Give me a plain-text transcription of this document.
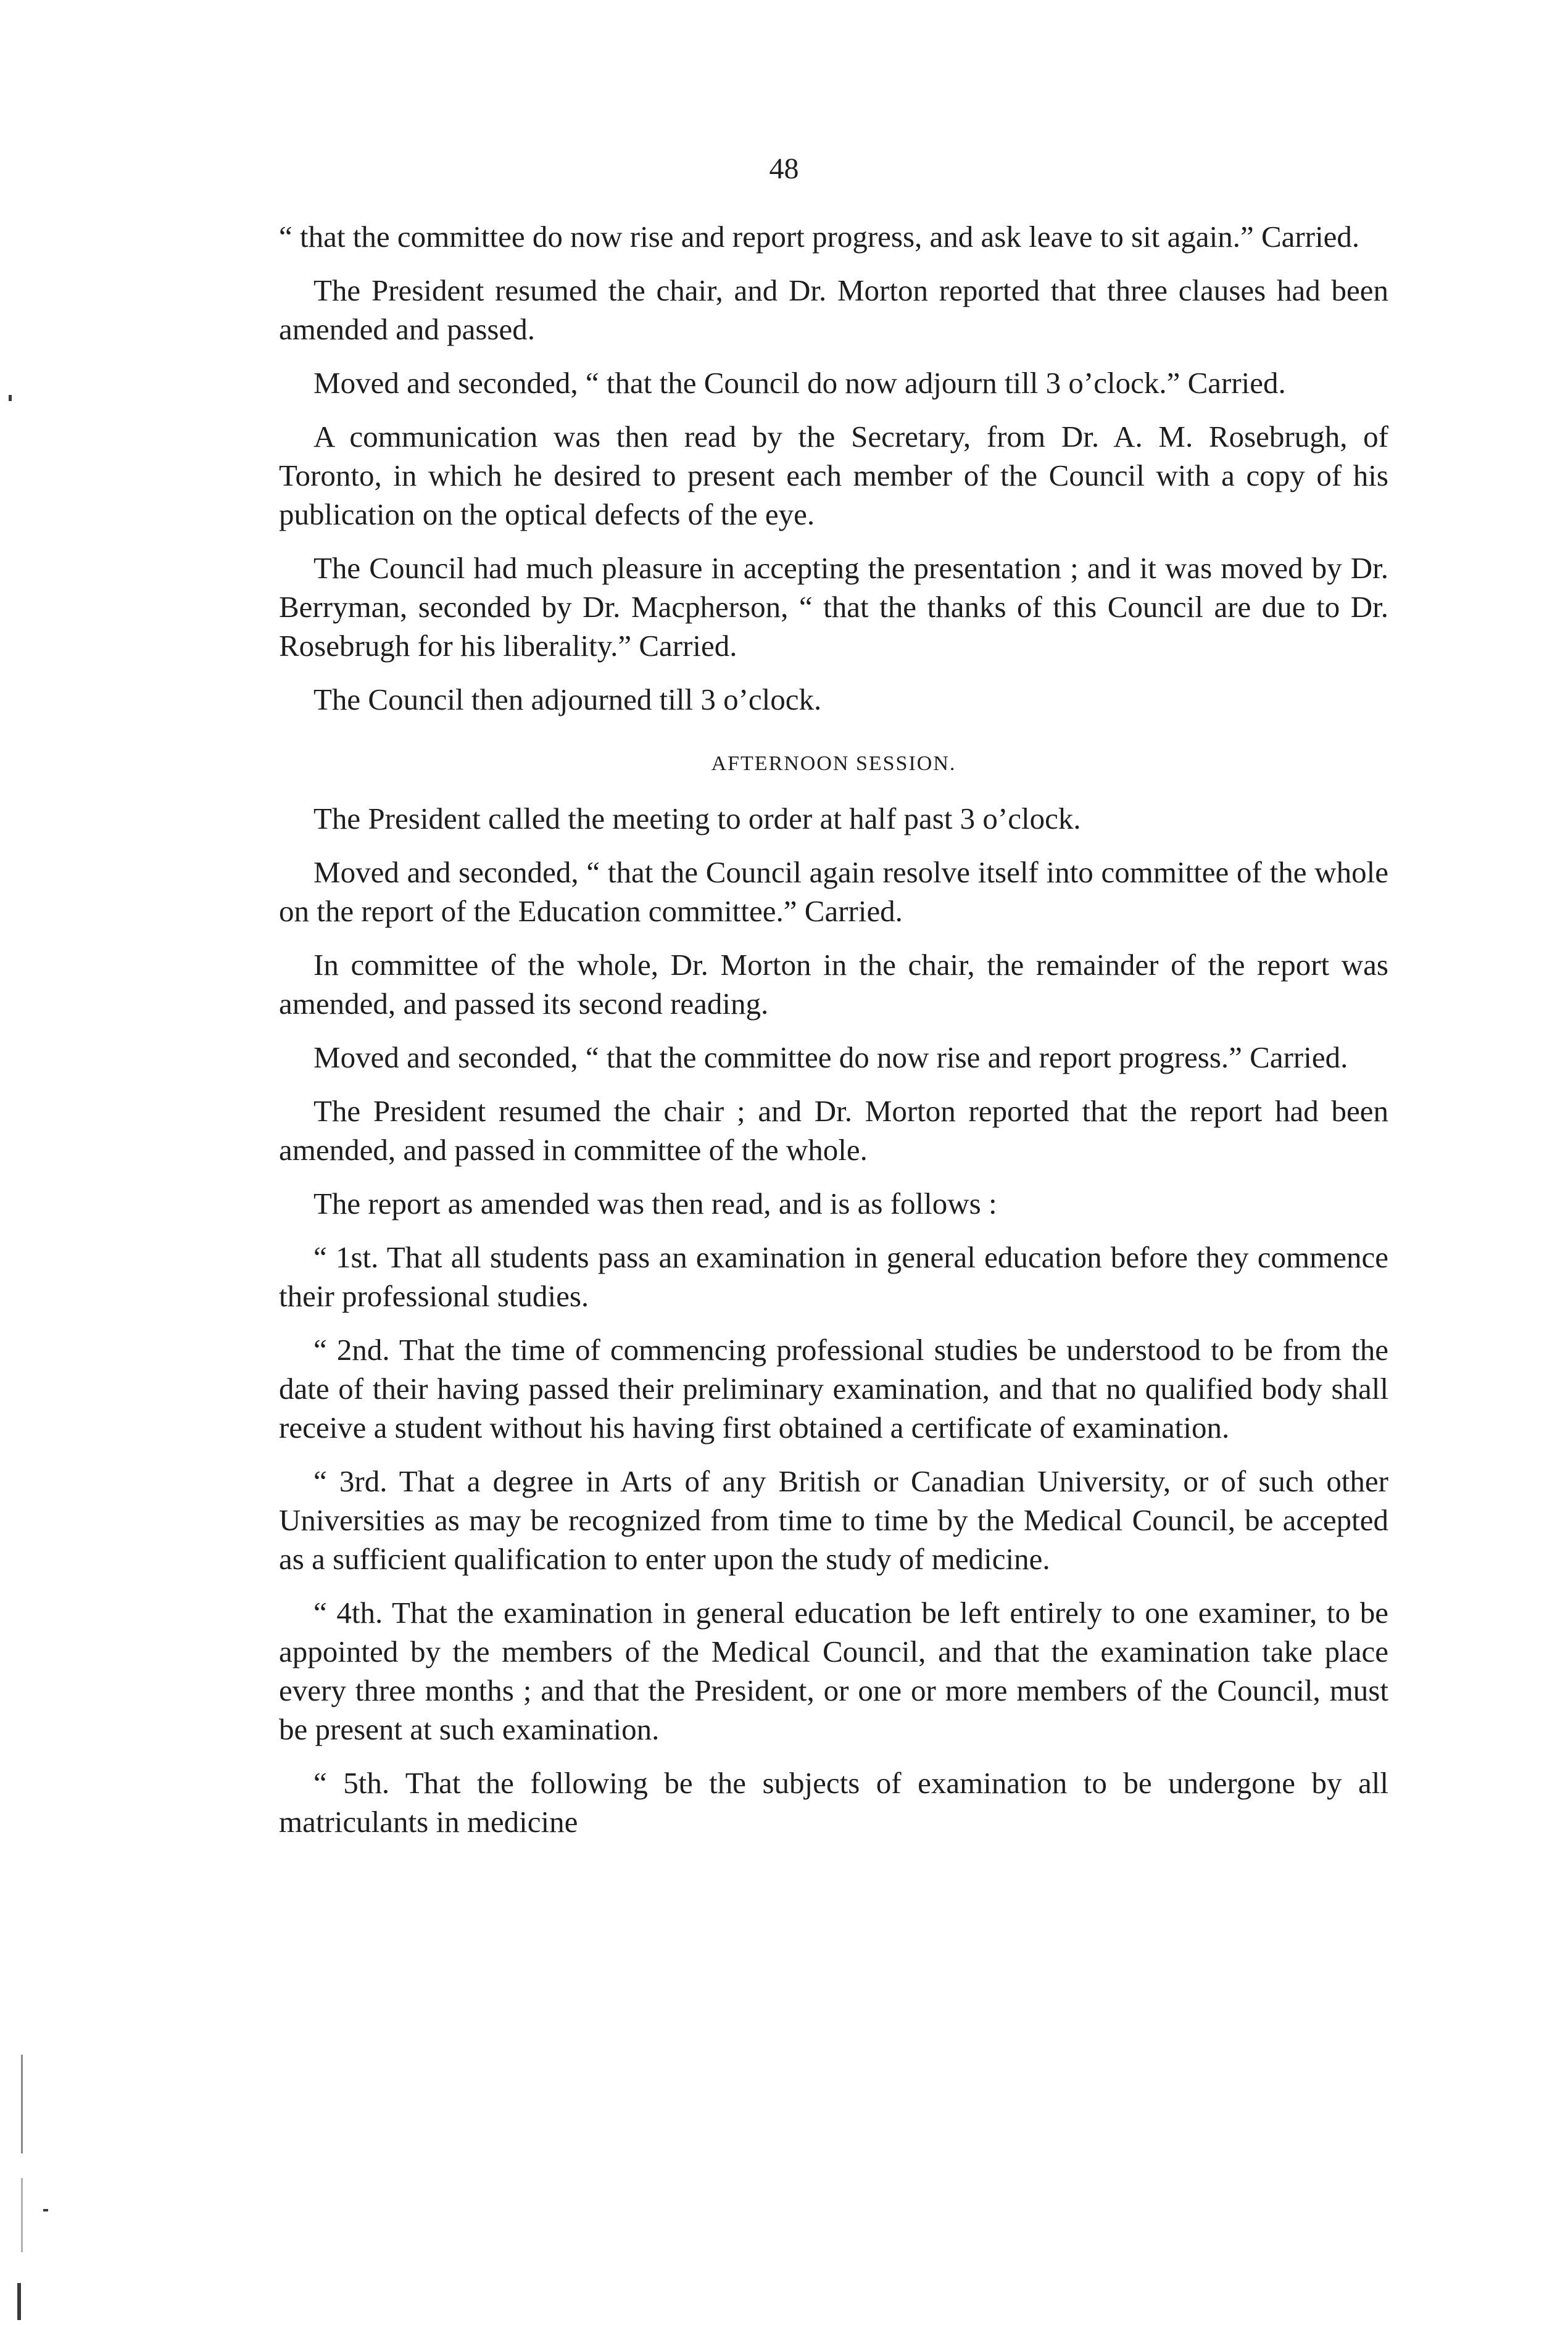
48

“ that the committee do now rise and report progress, and ask leave to sit again.” Carried.

The President resumed the chair, and Dr. Morton reported that three clauses had been amended and passed.

Moved and seconded, “ that the Council do now adjourn till 3 o’clock.” Carried.

A communication was then read by the Secretary, from Dr. A. M. Rosebrugh, of Toronto, in which he desired to present each member of the Council with a copy of his publication on the optical defects of the eye.

The Council had much pleasure in accepting the presentation ; and it was moved by Dr. Berryman, seconded by Dr. Macpherson, “ that the thanks of this Council are due to Dr. Rosebrugh for his liberality.” Carried.

The Council then adjourned till 3 o’clock.

AFTERNOON SESSION.

The President called the meeting to order at half past 3 o’clock.

Moved and seconded, “ that the Council again resolve itself into committee of the whole on the report of the Education committee.” Carried.

In committee of the whole, Dr. Morton in the chair, the remainder of the report was amended, and passed its second reading.

Moved and seconded, “ that the committee do now rise and report progress.” Carried.

The President resumed the chair ; and Dr. Morton reported that the report had been amended, and passed in committee of the whole.

The report as amended was then read, and is as follows :

“ 1st. That all students pass an examination in general education before they commence their professional studies.

“ 2nd. That the time of commencing professional studies be understood to be from the date of their having passed their preliminary examination, and that no qualified body shall receive a student without his having first obtained a certificate of examination.

“ 3rd. That a degree in Arts of any British or Canadian University, or of such other Universities as may be recognized from time to time by the Medical Council, be accepted as a sufficient qualification to enter upon the study of medicine.

“ 4th. That the examination in general education be left entirely to one examiner, to be appointed by the members of the Medical Council, and that the examination take place every three months ; and that the President, or one or more members of the Council, must be present at such examination.

“ 5th. That the following be the subjects of examination to be undergone by all matriculants in medicine
